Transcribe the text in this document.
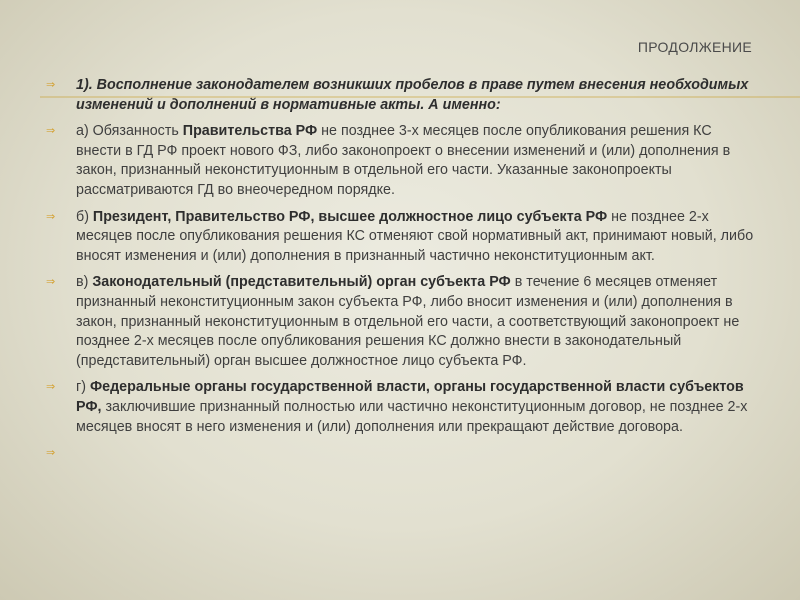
ПРОДОЛЖЕНИЕ
⇒ 1). Восполнение законодателем возникших пробелов в праве путем внесения необходимых изменений и дополнений в нормативные акты. А именно:
⇒ а) Обязанность Правительства РФ не позднее 3-х месяцев после опубликования решения КС внести в ГД РФ проект нового ФЗ, либо законопроект о внесении изменений и (или) дополнения в закон, признанный неконституционным в отдельной его части. Указанные законопроекты рассматриваются ГД во внеочередном порядке.
⇒ б) Президент, Правительство РФ, высшее должностное лицо субъекта РФ не позднее 2-х месяцев после опубликования решения КС отменяют свой нормативный акт, принимают новый, либо вносят изменения и (или) дополнения в признанный частично неконституционным акт.
⇒ в) Законодательный (представительный) орган субъекта РФ в течение 6 месяцев отменяет признанный неконституционным закон субъекта РФ, либо вносит изменения и (или) дополнения в закон, признанный неконституционным в отдельной его части, а соответствующий законопроект не позднее 2-х месяцев после опубликования решения КС должно внести в законодательный (представительный) орган высшее должностное лицо субъекта РФ.
⇒ г) Федеральные органы государственной власти, органы государственной власти субъектов РФ, заключившие признанный полностью или частично неконституционным договор, не позднее 2-х месяцев вносят в него изменения и (или) дополнения или прекращают действие договора.
⇒
